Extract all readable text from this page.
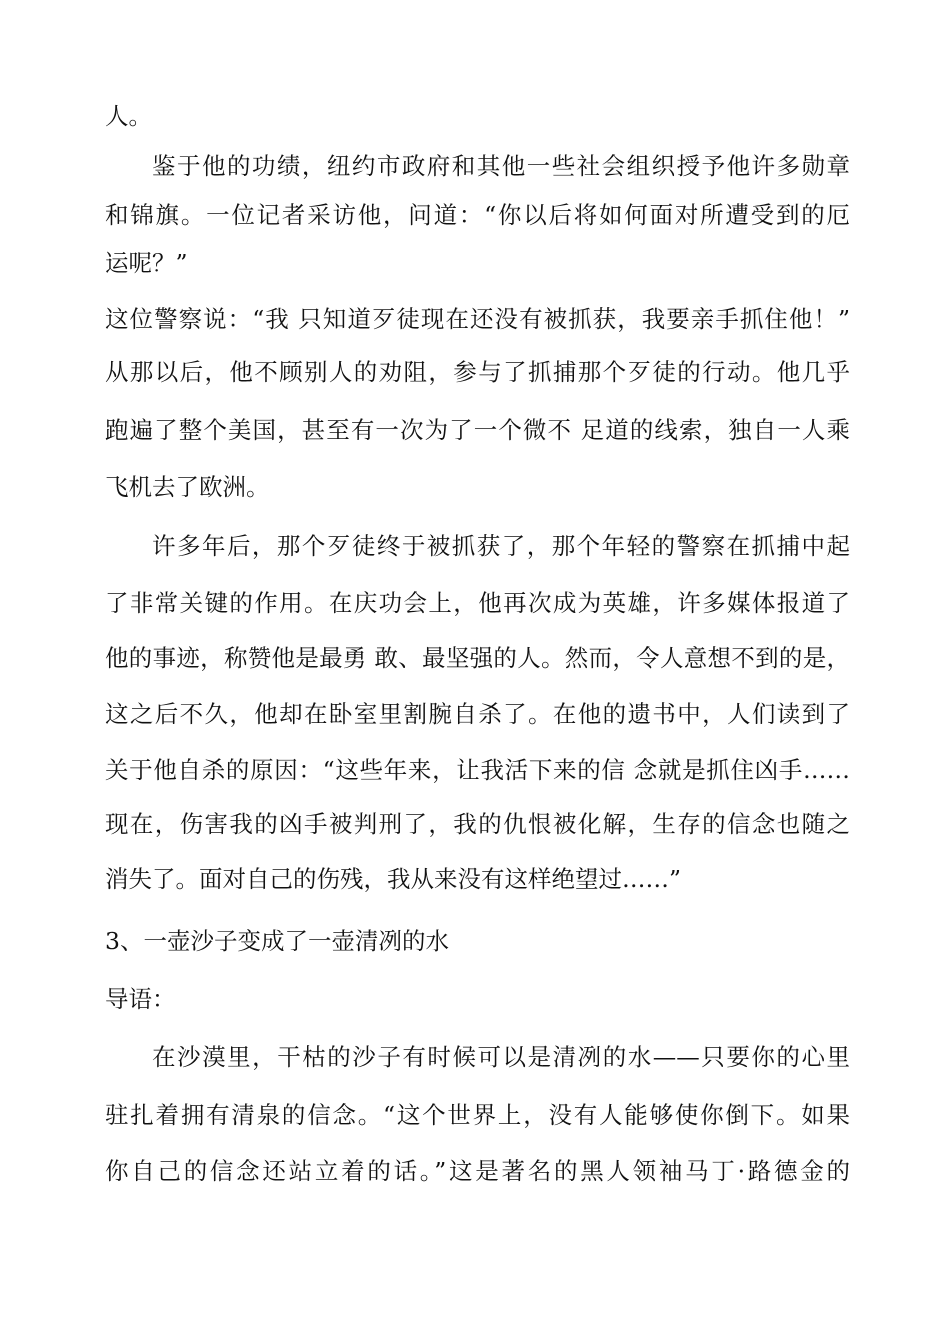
人。
鉴于他的功绩，纽约市政府和其他一些社会组织授予他许多勋章
和锦旗。一位记者采访他，问道：“你以后将如何面对所遭受到的厄
运呢？”
这位警察说：“我 只知道歹徒现在还没有被抓获，我要亲手抓住他！”
从那以后，他不顾别人的劝阻，参与了抓捕那个歹徒的行动。他几乎
跑遍了整个美国，甚至有一次为了一个微不 足道的线索，独自一人乘
飞机去了欧洲。
许多年后，那个歹徒终于被抓获了，那个年轻的警察在抓捕中起
了非常关键的作用。在庆功会上，他再次成为英雄，许多媒体报道了
他的事迹，称赞他是最勇 敢、最坚强的人。然而，令人意想不到的是，
这之后不久，他却在卧室里割腕自杀了。在他的遗书中，人们读到了
关于他自杀的原因：“这些年来，让我活下来的信 念就是抓住凶手……
现在，伤害我的凶手被判刑了，我的仇恨被化解，生存的信念也随之
消失了。面对自己的伤残，我从来没有这样绝望过……”
3、一壶沙子变成了一壶清冽的水
导语：
在沙漠里，干枯的沙子有时候可以是清冽的水——只要你的心里
驻扎着拥有清泉的信念。“这个世界上，没有人能够使你倒下。如果
你自己的信念还站立着的话。”这是著名的黑人领袖马丁·路德金的
